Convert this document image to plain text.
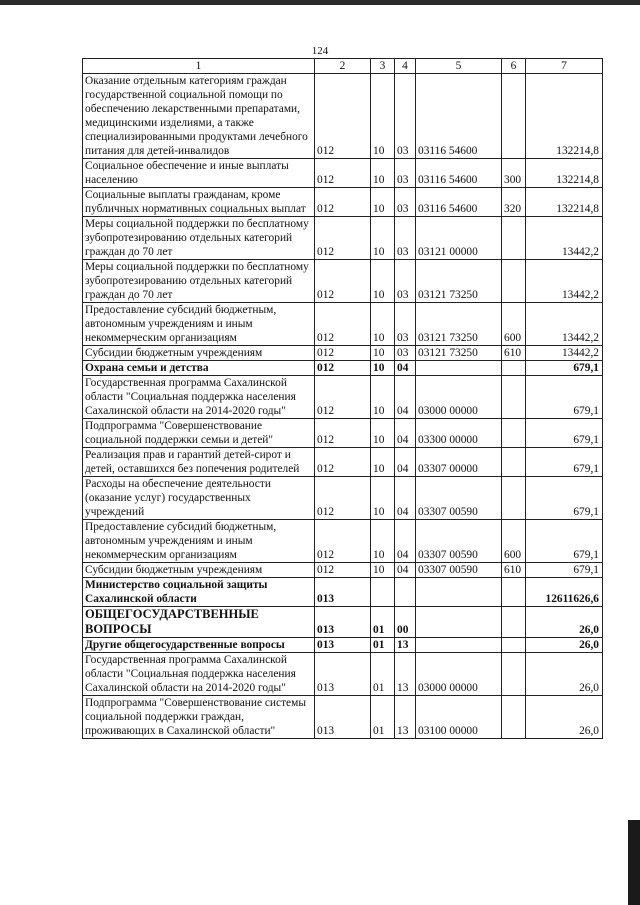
124
1	2	3	4	5	6	7
Оказание отдельным категориям граждан государственной социальной помощи по обеспечению лекарственными препаратами, медицинскими изделиями, а также специализированными продуктами лечебного питания для детей-инвалидов	012	10	03	03116 54600		132214,8
Социальное обеспечение и иные выплаты населению	012	10	03	03116 54600	300	132214,8
Социальные выплаты гражданам, кроме публичных нормативных социальных выплат	012	10	03	03116 54600	320	132214,8
Меры социальной поддержки по бесплатному зубопротезированию отдельных категорий граждан до 70 лет	012	10	03	03121 00000		13442,2
Меры социальной поддержки по бесплатному зубопротезированию отдельных категорий граждан до 70 лет	012	10	03	03121 73250		13442,2
Предоставление субсидий бюджетным, автономным учреждениям и иным некоммерческим организациям	012	10	03	03121 73250	600	13442,2
Субсидии бюджетным учреждениям	012	10	03	03121 73250	610	13442,2
Охрана семьи и детства	012	10	04			679,1
Государственная программа Сахалинской области "Социальная поддержка населения Сахалинской области на 2014-2020 годы"	012	10	04	03000 00000		679,1
Подпрограмма "Совершенствование социальной поддержки семьи и детей"	012	10	04	03300 00000		679,1
Реализация прав и гарантий детей-сирот и детей, оставшихся без попечения родителей	012	10	04	03307 00000		679,1
Расходы на обеспечение деятельности (оказание услуг) государственных учреждений	012	10	04	03307 00590		679,1
Предоставление субсидий бюджетным, автономным учреждениям и иным некоммерческим организациям	012	10	04	03307 00590	600	679,1
Субсидии бюджетным учреждениям	012	10	04	03307 00590	610	679,1
Министерство социальной защиты Сахалинской области	013					12611626,6
ОБЩЕГОСУДАРСТВЕННЫЕ ВОПРОСЫ	013	01	00			26,0
Другие общегосударственные вопросы	013	01	13			26,0
Государственная программа Сахалинской области "Социальная поддержка населения Сахалинской области на 2014-2020 годы"	013	01	13	03000 00000		26,0
Подпрограмма "Совершенствование системы социальной поддержки граждан, проживающих в Сахалинской области"	013	01	13	03100 00000		26,0
